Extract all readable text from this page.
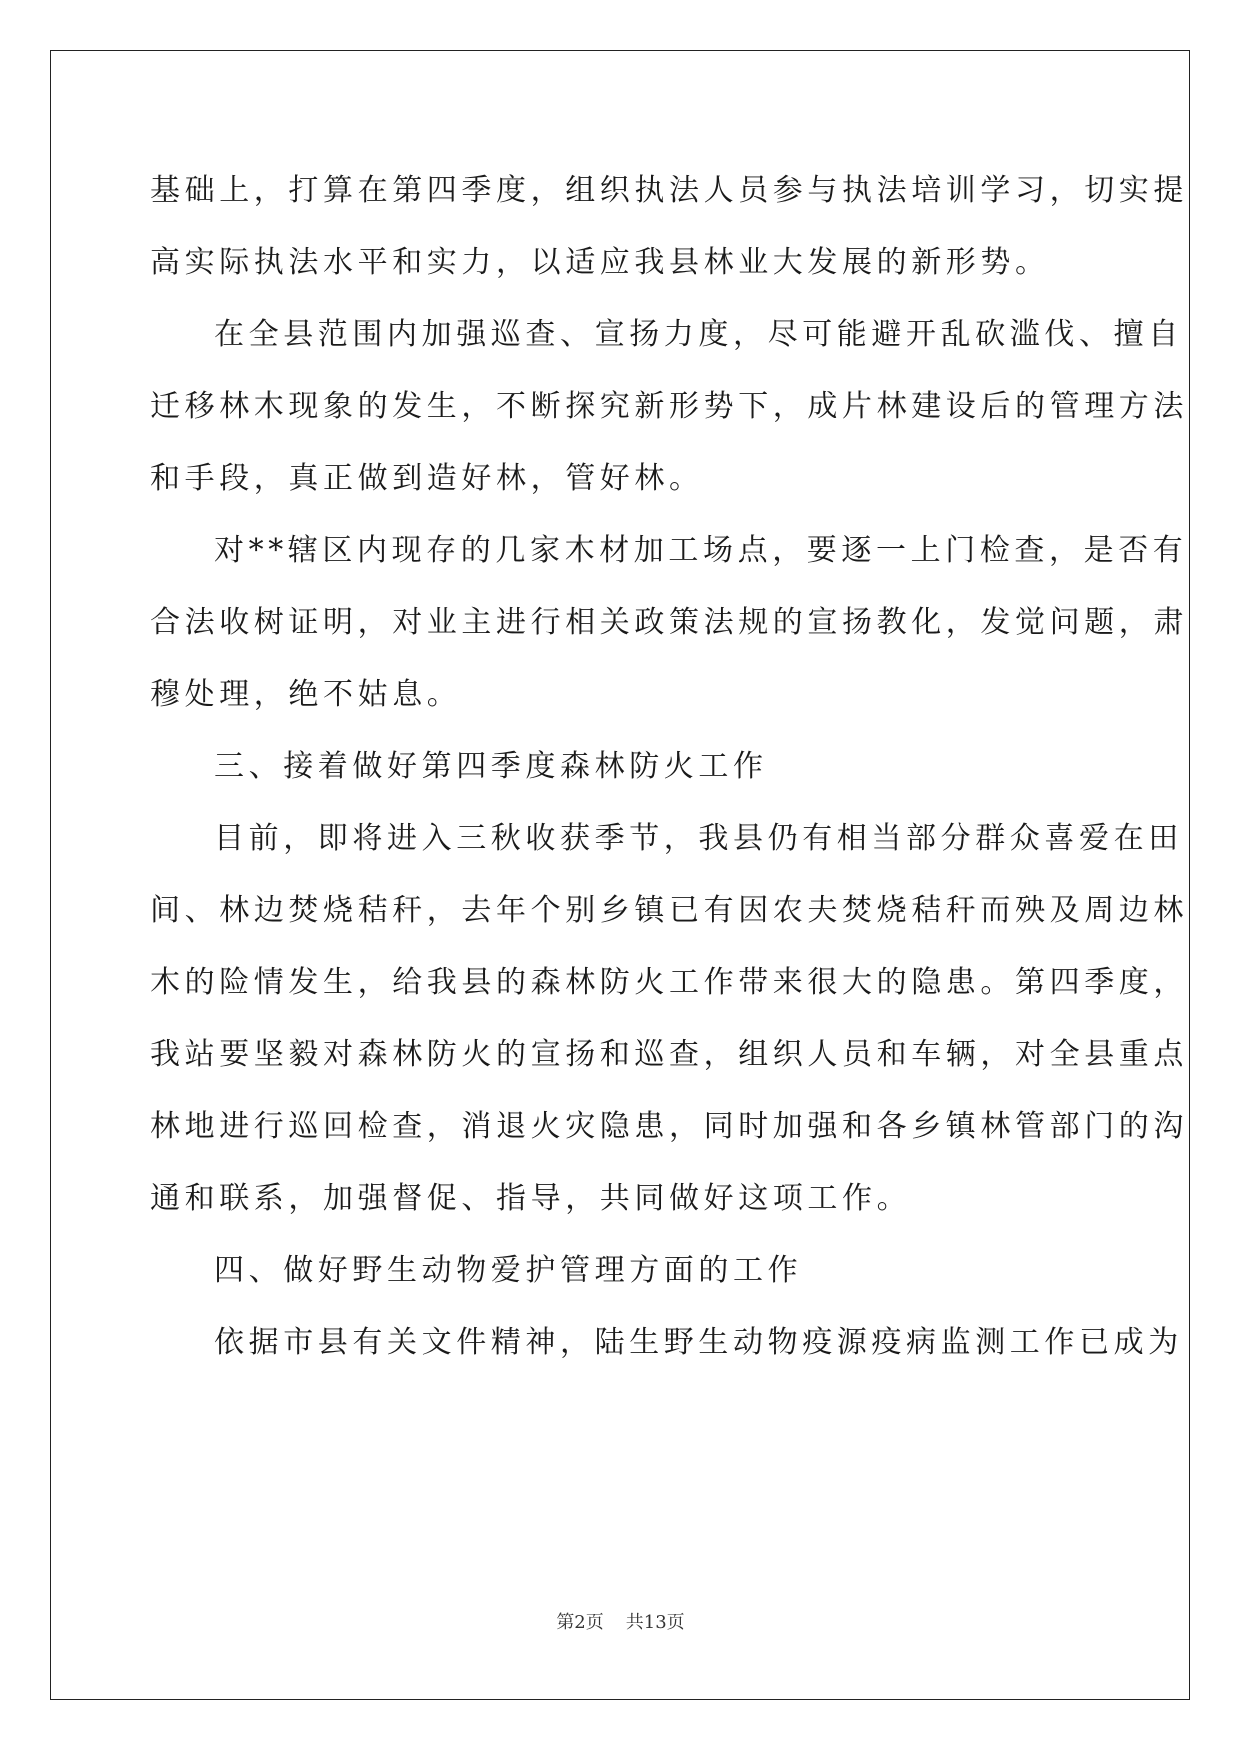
基础上，打算在第四季度，组织执法人员参与执法培训学习，切实提

高实际执法水平和实力，以适应我县林业大发展的新形势。

在全县范围内加强巡查、宣扬力度，尽可能避开乱砍滥伐、擅自

迁移林木现象的发生，不断探究新形势下，成片林建设后的管理方法

和手段，真正做到造好林，管好林。

对**辖区内现存的几家木材加工场点，要逐一上门检查，是否有

合法收树证明，对业主进行相关政策法规的宣扬教化，发觉问题，肃

穆处理，绝不姑息。

三、接着做好第四季度森林防火工作

目前，即将进入三秋收获季节，我县仍有相当部分群众喜爱在田

间、林边焚烧秸秆，去年个别乡镇已有因农夫焚烧秸秆而殃及周边林

木的险情发生，给我县的森林防火工作带来很大的隐患。第四季度，

我站要坚毅对森林防火的宣扬和巡查，组织人员和车辆，对全县重点

林地进行巡回检查，消退火灾隐患，同时加强和各乡镇林管部门的沟

通和联系，加强督促、指导，共同做好这项工作。

四、做好野生动物爱护管理方面的工作

依据市县有关文件精神，陆生野生动物疫源疫病监测工作已成为

第2页 共13页
